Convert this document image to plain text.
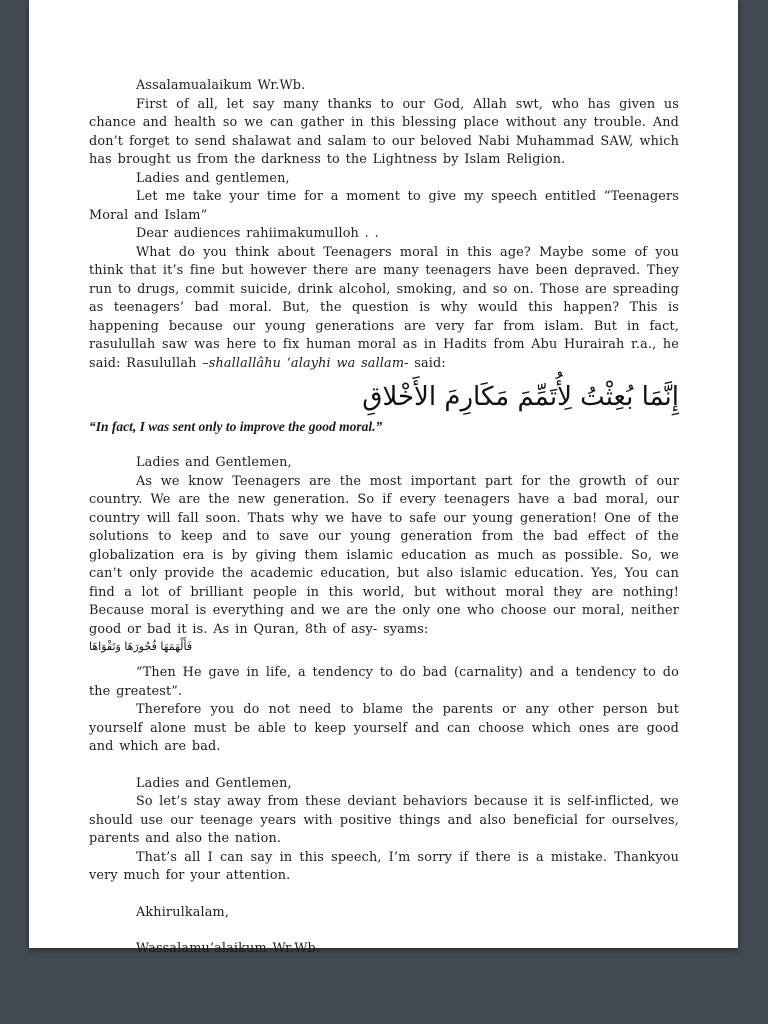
Assalamualaikum Wr.Wb.

First of all, let say many thanks to our God, Allah swt, who has given us chance and health so we can gather in this blessing place without any trouble. And don’t forget to send shalawat and salam to our beloved Nabi Muhammad SAW, which has brought us from the darkness to the Lightness by Islam Religion.

Ladies and gentlemen,

Let me take your time for a moment to give my speech entitled “Teenagers Moral and Islam”

Dear audiences rahiimakumulloh . .

What do you think about Teenagers moral in this age? Maybe some of you think that it’s fine but however there are many teenagers have been depraved. They run to drugs, commit suicide, drink alcohol, smoking, and so on. Those are spreading as teenagers’ bad moral. But, the question is why would this happen? This is happening because our young generations are very far from islam. But in fact, rasulullah saw was here to fix human moral as in Hadits from Abu Hurairah r.a., he said: Rasulullah –shallallâhu ‘alayhi wa sallam- said:

إِنَّمَا بُعِثْتُ لِأُتَمِّمَ مَكَارِمَ الأَخْلاقِ

“In fact, I was sent only to improve the good moral.”

Ladies and Gentlemen,

As we know Teenagers are the most important part for the growth of our country. We are the new generation. So if every teenagers have a bad moral, our country will fall soon. Thats why we have to safe our young generation! One of the solutions to keep and to save our young generation from the bad effect of the globalization era is by giving them islamic education as much as possible. So, we can’t only provide the academic education, but also islamic education. Yes, You can find a lot of brilliant people in this world, but without moral they are nothing! Because moral is everything and we are the only one who choose our moral, neither good or bad it is. As in Quran, 8th of asy- syams:

فَأَلْهَمَهَا فُجُورَهَا وَتَقْوَاهَا

“Then He gave in life, a tendency to do bad (carnality) and a tendency to do the greatest”.

Therefore you do not need to blame the parents or any other person but yourself alone must be able to keep yourself and can choose which ones are good and which are bad.

Ladies and Gentlemen,

So let’s stay away from these deviant behaviors because it is self-inflicted, we should use our teenage years with positive things and also beneficial for ourselves, parents and also the nation.

That’s all I can say in this speech, I’m sorry if there is a mistake. Thankyou very much for your attention.

Akhirulkalam,

Wassalamu’alaikum Wr.Wb.
